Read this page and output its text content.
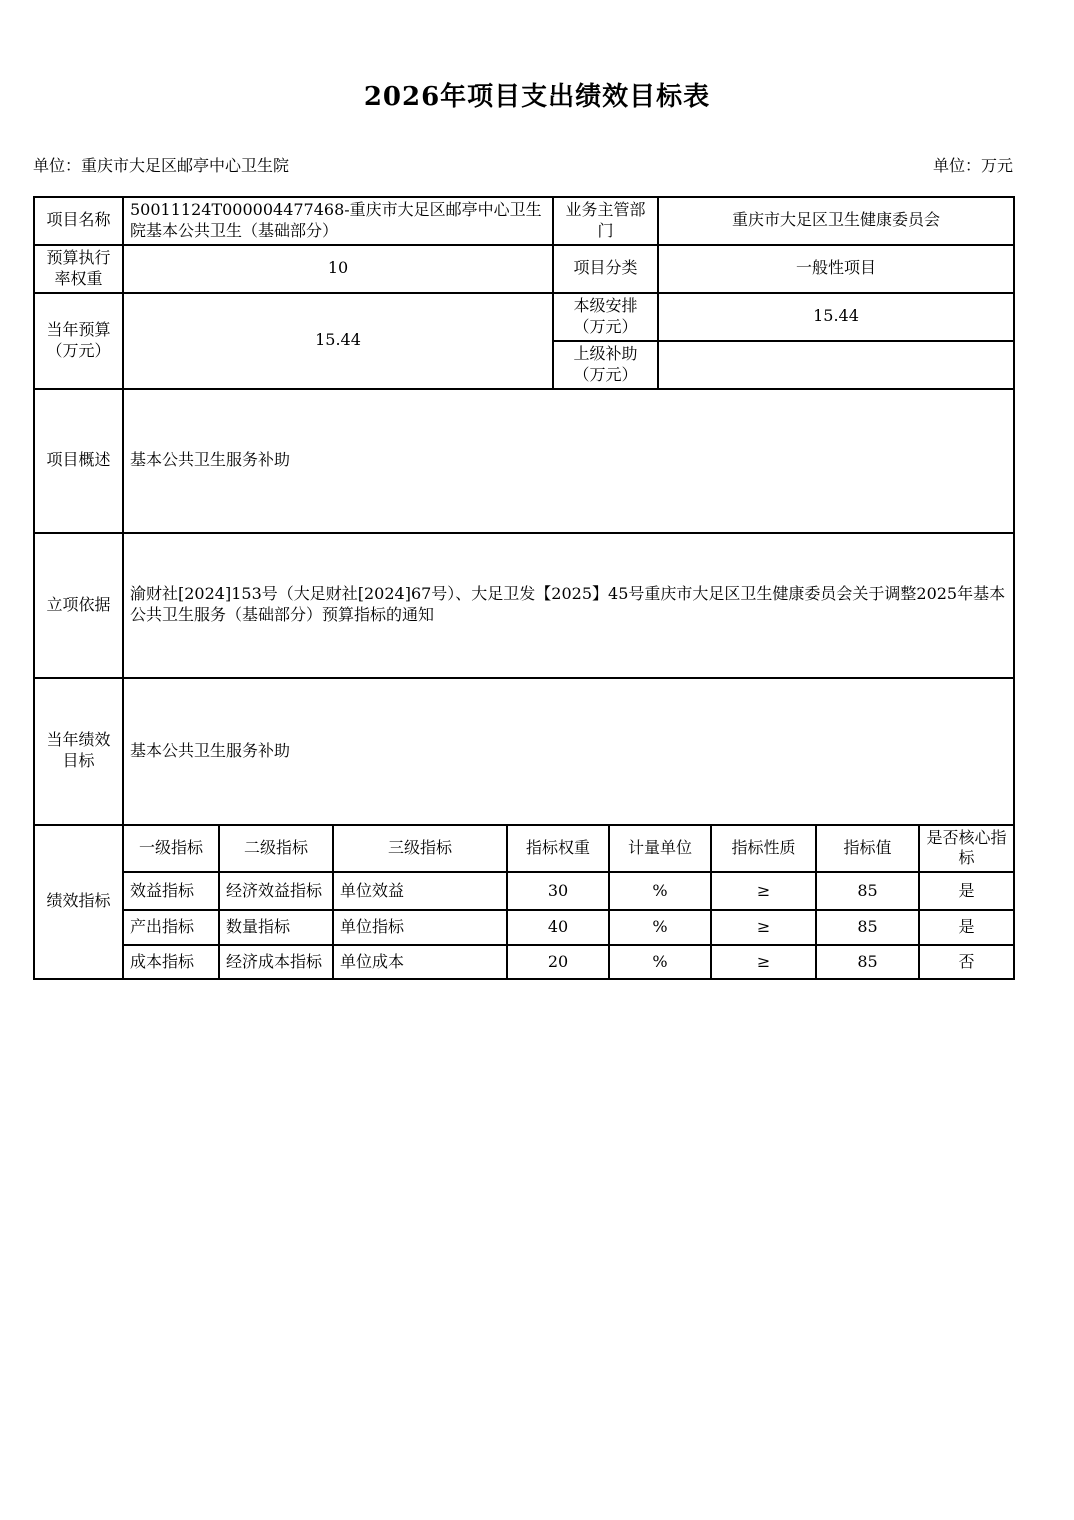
2026年项目支出绩效目标表
单位：重庆市大足区邮亭中心卫生院	单位：万元
项目名称	50011124T000004477468-重庆市大足区邮亭中心卫生院基本公共卫生（基础部分）				业务主管部门		重庆市大足区卫生健康委员会			
预算执行率权重	10				项目分类		一般性项目			
当年预算（万元）	15.44				本级安排（万元）		15.44			
					上级补助（万元）					
项目概述	基本公共卫生服务补助									
立项依据	渝财社[2024]153号（大足财社[2024]67号）、大足卫发【2025】45号重庆市大足区卫生健康委员会关于调整2025年基本公共卫生服务（基础部分）预算指标的通知									
当年绩效目标	基本公共卫生服务补助									
绩效指标	一级指标	二级指标	三级指标	指标权重		计量单位		指标性质	指标值	是否核心指标
	效益指标	经济效益指标	单位效益	30		%		≥	85	是
	产出指标	数量指标	单位指标	40		%		≥	85	是
	成本指标	经济成本指标	单位成本	20		%		≥	85	否
